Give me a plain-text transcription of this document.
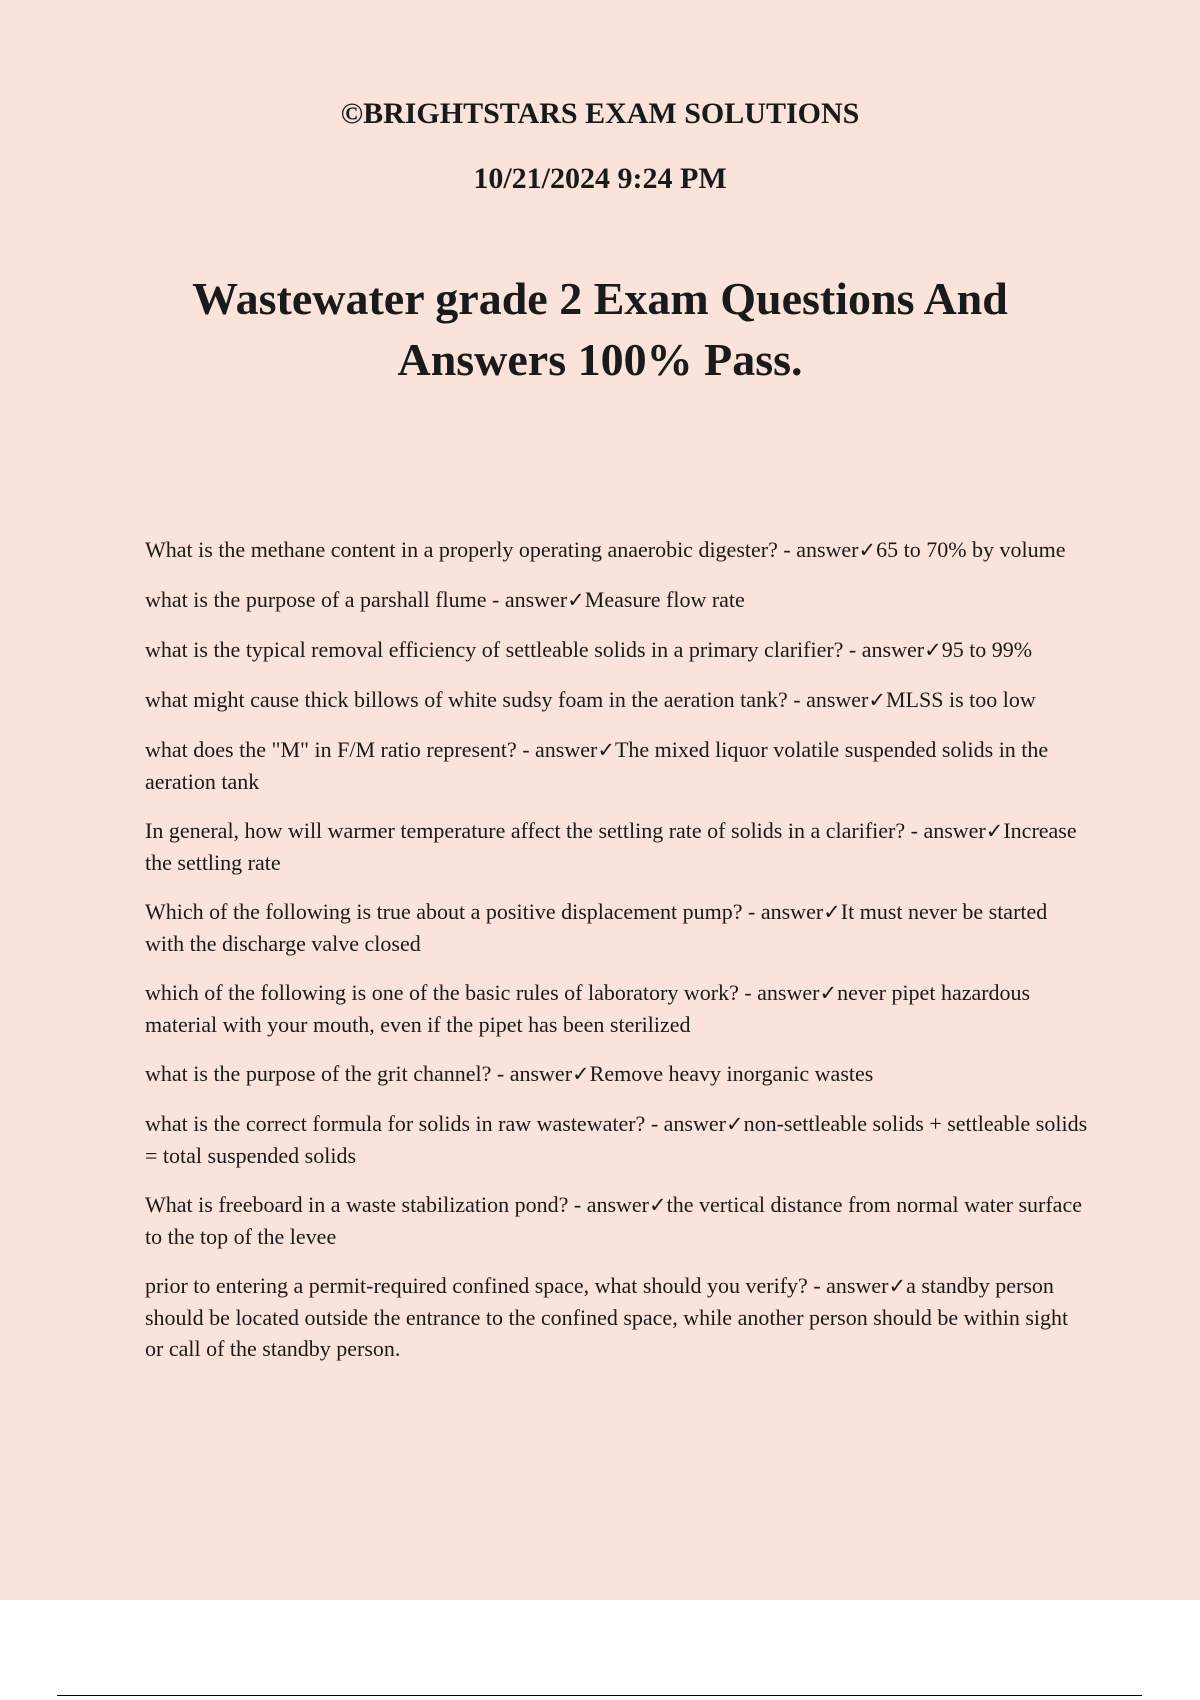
©BRIGHTSTARS EXAM SOLUTIONS
10/21/2024 9:24 PM
Wastewater grade 2 Exam Questions And
Answers 100% Pass.

What is the methane content in a properly operating anaerobic digester? - answer✓65 to 70% by volume

what is the purpose of a parshall flume - answer✓Measure flow rate

what is the typical removal efficiency of settleable solids in a primary clarifier? - answer✓95 to 99%

what might cause thick billows of white sudsy foam in the aeration tank? - answer✓MLSS is too low

what does the "M" in F/M ratio represent? - answer✓The mixed liquor volatile suspended solids in the aeration tank

In general, how will warmer temperature affect the settling rate of solids in a clarifier? - answer✓Increase the settling rate

Which of the following is true about a positive displacement pump? - answer✓It must never be started with the discharge valve closed

which of the following is one of the basic rules of laboratory work? - answer✓never pipet hazardous material with your mouth, even if the pipet has been sterilized

what is the purpose of the grit channel? - answer✓Remove heavy inorganic wastes

what is the correct formula for solids in raw wastewater? - answer✓non-settleable solids + settleable solids = total suspended solids

What is freeboard in a waste stabilization pond? - answer✓the vertical distance from normal water surface to the top of the levee

prior to entering a permit-required confined space, what should you verify? - answer✓a standby person should be located outside the entrance to the confined space, while another person should be within sight or call of the standby person.
